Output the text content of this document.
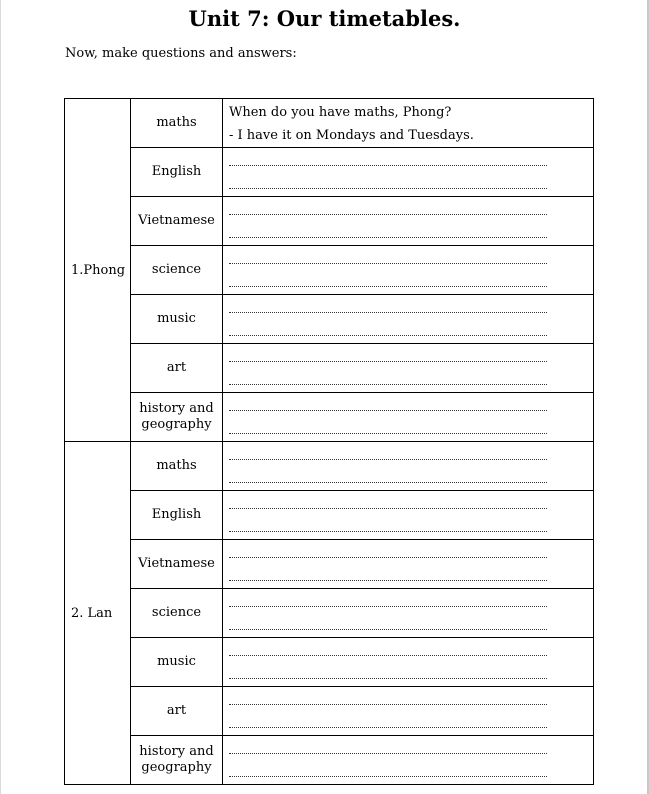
Unit 7: Our timetables.
Now, make questions and answers:
1.Phong	maths	When do you have maths, Phong?
- I have it on Mondays and Tuesdays.

	English	

	Vietnamese	

	science	

	music	

	art	

	history and geography	

2. Lan	maths	

	English	

	Vietnamese	

	science	

	music	

	art	

	history and geography	
